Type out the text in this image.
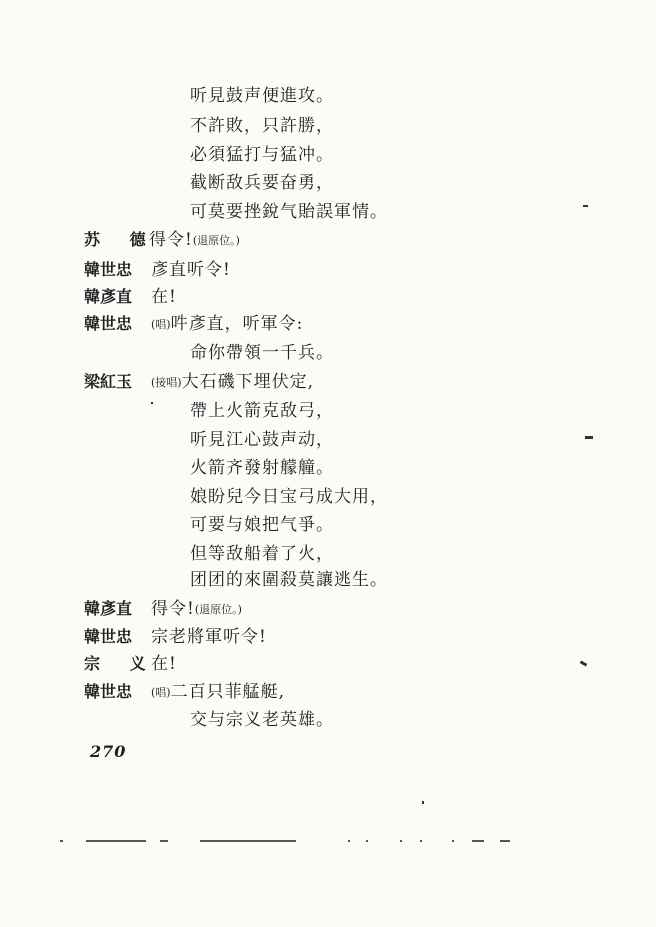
听見鼓声便進攻。
不許敗，只許勝，
必須猛打与猛冲。
截断敌兵要奋勇，
可莫要挫銳气貽誤軍情。
苏 德
得令!(退原位。)
韓世忠 彥直听令!
韓彥直 在!
韓世忠 (唱)吽彥直，听軍令:
命你帶領一千兵。
梁紅玉 (接唱)大石磯下埋伏定,
帶上火箭克敌弓，
听見江心鼓声动，
火箭齐發射艨艟。
娘盼兒今日宝弓成大用，
可要与娘把气爭。
但等敌船着了火，
团团的來圍殺莫讓逃生。
韓彥直 得令!(退原位。)
韓世忠 宗老將軍听令!
宗 义
在!
韓世忠 (唱)二百只菲艋艇,
交与宗义老英雄。
270
